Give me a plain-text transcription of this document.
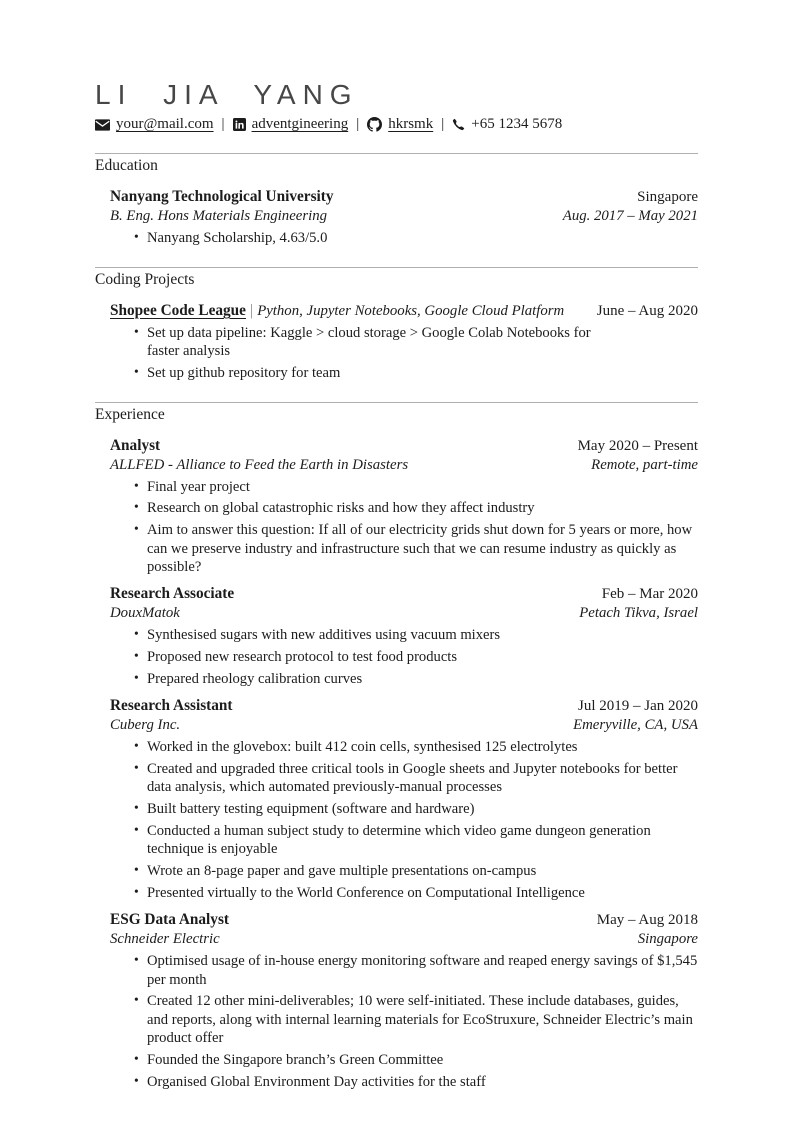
LI JIA YANG
your@mail.com | adventgineering | hkrsmk | +65 1234 5678
Education
Nanyang Technological University	Singapore
B. Eng. Hons Materials Engineering	Aug. 2017 – May 2021
• Nanyang Scholarship, 4.63/5.0
Coding Projects
Shopee Code League | Python, Jupyter Notebooks, Google Cloud Platform	June – Aug 2020
• Set up data pipeline: Kaggle > cloud storage > Google Colab Notebooks for faster analysis
• Set up github repository for team
Experience
Analyst	May 2020 – Present
ALLFED - Alliance to Feed the Earth in Disasters	Remote, part-time
• Final year project
• Research on global catastrophic risks and how they affect industry
• Aim to answer this question: If all of our electricity grids shut down for 5 years or more, how can we preserve industry and infrastructure such that we can resume industry as quickly as possible?
Research Associate	Feb – Mar 2020
DouxMatok	Petach Tikva, Israel
• Synthesised sugars with new additives using vacuum mixers
• Proposed new research protocol to test food products
• Prepared rheology calibration curves
Research Assistant	Jul 2019 – Jan 2020
Cuberg Inc.	Emeryville, CA, USA
• Worked in the glovebox: built 412 coin cells, synthesised 125 electrolytes
• Created and upgraded three critical tools in Google sheets and Jupyter notebooks for better data analysis, which automated previously-manual processes
• Built battery testing equipment (software and hardware)
• Conducted a human subject study to determine which video game dungeon generation technique is enjoyable
• Wrote an 8-page paper and gave multiple presentations on-campus
• Presented virtually to the World Conference on Computational Intelligence
ESG Data Analyst	May – Aug 2018
Schneider Electric	Singapore
• Optimised usage of in-house energy monitoring software and reaped energy savings of $1,545 per month
• Created 12 other mini-deliverables; 10 were self-initiated. These include databases, guides, and reports, along with internal learning materials for EcoStruxure, Schneider Electric’s main product offer
• Founded the Singapore branch’s Green Committee
• Organised Global Environment Day activities for the staff
